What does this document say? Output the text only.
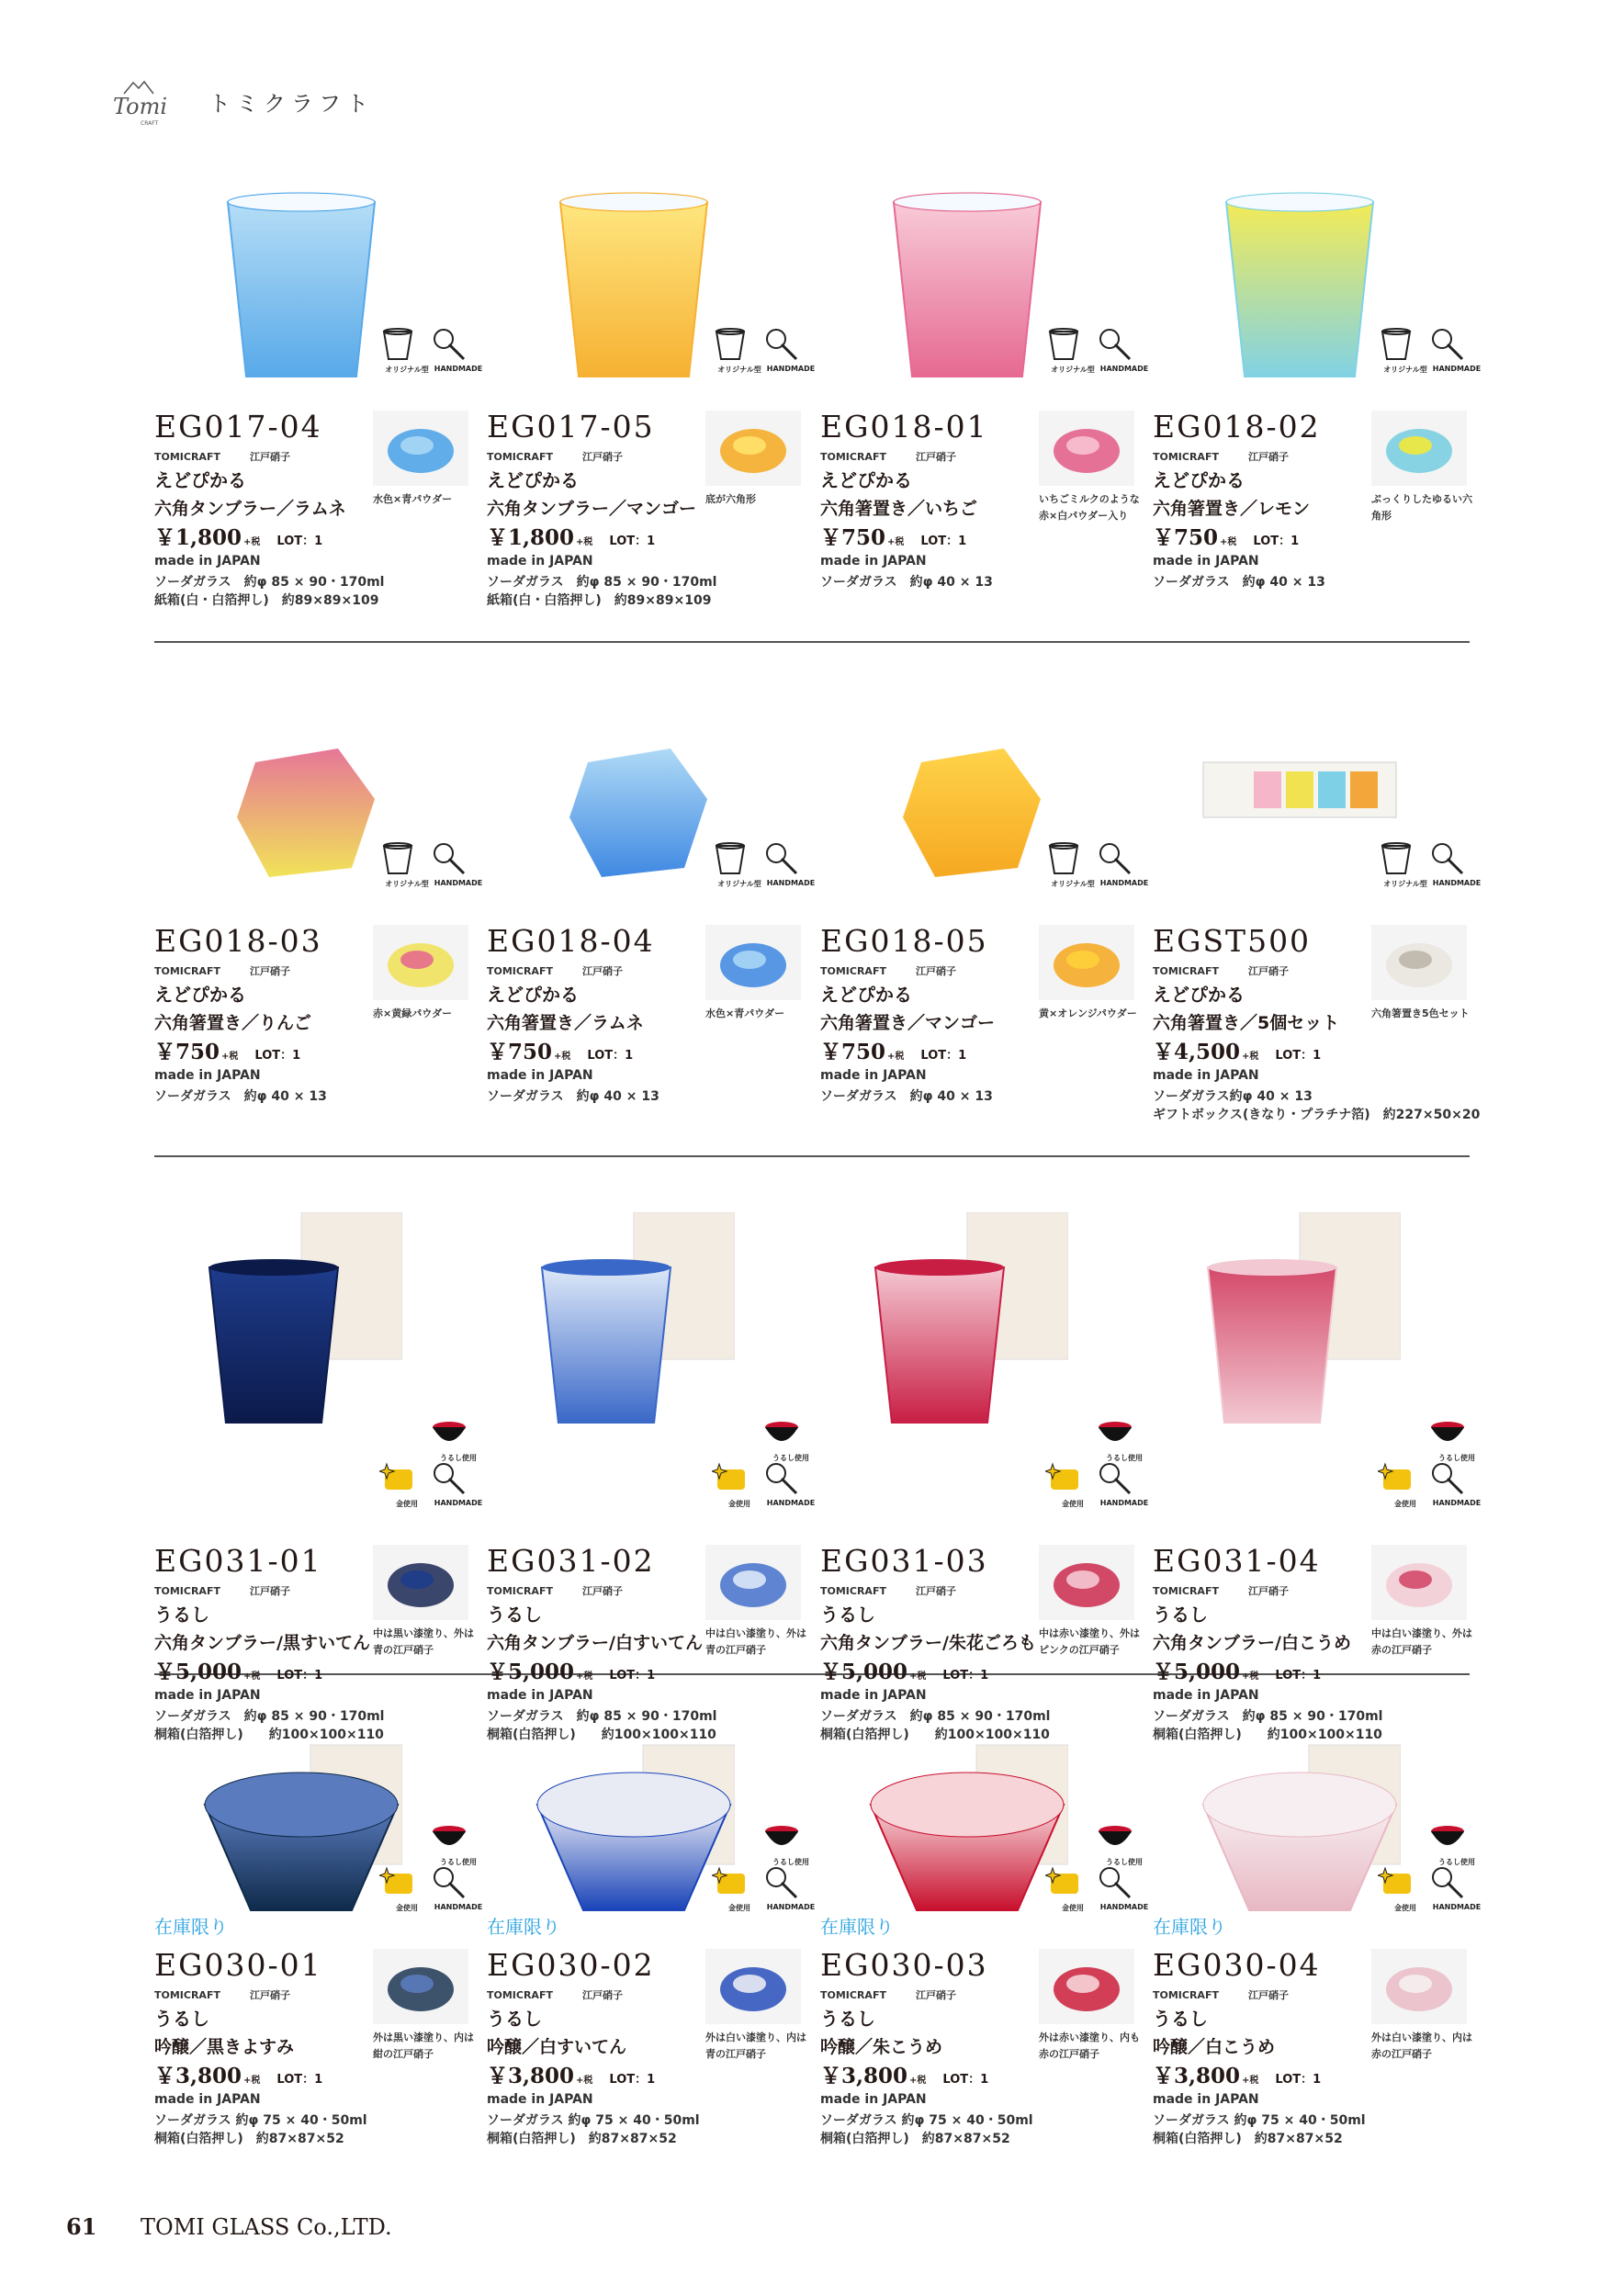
Tomi
CRAFT
トミクラフト
オリジナル型 HANDMADE
EG017-04
TOMICRAFT	江戸硝子
えどぴかる
六角タンブラー／ラムネ
￥1,800 +税 LOT：1
made in JAPAN
ソーダガラス　約φ 85 × 90・170ml
紙箱(白・白箔押し)　約89×89×109
水色×青パウダー
オリジナル型 HANDMADE
EG017-05
TOMICRAFT	江戸硝子
えどぴかる
六角タンブラー／マンゴー
￥1,800 +税 LOT：1
made in JAPAN
ソーダガラス　約φ 85 × 90・170ml
紙箱(白・白箔押し)　約89×89×109
底が六角形
オリジナル型 HANDMADE
EG018-01
TOMICRAFT	江戸硝子
えどぴかる
六角箸置き／いちご
￥750 +税 LOT：1
made in JAPAN
ソーダガラス　約φ 40 × 13
いちごミルクのような赤×白パウダー入り
オリジナル型 HANDMADE
EG018-02
TOMICRAFT	江戸硝子
えどぴかる
六角箸置き／レモン
￥750 +税 LOT：1
made in JAPAN
ソーダガラス　約φ 40 × 13
ぷっくりしたゆるい六角形
オリジナル型 HANDMADE
EG018-03
TOMICRAFT	江戸硝子
えどぴかる
六角箸置き／りんご
￥750 +税 LOT：1
made in JAPAN
ソーダガラス　約φ 40 × 13
赤×黄緑パウダー
オリジナル型 HANDMADE
EG018-04
TOMICRAFT	江戸硝子
えどぴかる
六角箸置き／ラムネ
￥750 +税 LOT：1
made in JAPAN
ソーダガラス　約φ 40 × 13
水色×青パウダー
オリジナル型 HANDMADE
EG018-05
TOMICRAFT	江戸硝子
えどぴかる
六角箸置き／マンゴー
￥750 +税 LOT：1
made in JAPAN
ソーダガラス　約φ 40 × 13
黄×オレンジパウダー
オリジナル型 HANDMADE
EGST500
TOMICRAFT	江戸硝子
えどぴかる
六角箸置き／5個セット
￥4,500 +税 LOT：1
made in JAPAN
ソーダガラス約φ 40 × 13
ギフトボックス(きなり・プラチナ箔)　約227×50×20
六角箸置き5色セット
うるし使用
金使用	HANDMADE
EG031-01
TOMICRAFT	江戸硝子
うるし
六角タンブラー/黒すいてん
￥5,000 +税 LOT：1
made in JAPAN
ソーダガラス　約φ 85 × 90・170ml
桐箱(白箔押し)　　約100×100×110
中は黒い漆塗り、外は青の江戸硝子
うるし使用
金使用	HANDMADE
EG031-02
TOMICRAFT	江戸硝子
うるし
六角タンブラー/白すいてん
￥5,000 +税 LOT：1
made in JAPAN
ソーダガラス　約φ 85 × 90・170ml
桐箱(白箔押し)　　約100×100×110
中は白い漆塗り、外は青の江戸硝子
うるし使用
金使用	HANDMADE
EG031-03
TOMICRAFT	江戸硝子
うるし
六角タンブラー/朱花ごろも
￥5,000 +税 LOT：1
made in JAPAN
ソーダガラス　約φ 85 × 90・170ml
桐箱(白箔押し)　　約100×100×110
中は赤い漆塗り、外はピンクの江戸硝子
うるし使用
金使用	HANDMADE
EG031-04
TOMICRAFT	江戸硝子
うるし
六角タンブラー/白こうめ
￥5,000 +税 LOT：1
made in JAPAN
ソーダガラス　約φ 85 × 90・170ml
桐箱(白箔押し)　　約100×100×110
中は白い漆塗り、外は赤の江戸硝子
うるし使用
金使用	HANDMADE
在庫限り
EG030-01
TOMICRAFT	江戸硝子
うるし
吟醸／黒きよすみ
￥3,800 +税 LOT：1
made in JAPAN
ソーダガラス 約φ 75 × 40・50ml
桐箱(白箔押し)　約87×87×52
外は黒い漆塗り、内は紺の江戸硝子
うるし使用
金使用	HANDMADE
在庫限り
EG030-02
TOMICRAFT	江戸硝子
うるし
吟醸／白すいてん
￥3,800 +税 LOT：1
made in JAPAN
ソーダガラス 約φ 75 × 40・50ml
桐箱(白箔押し)　約87×87×52
外は白い漆塗り、内は青の江戸硝子
うるし使用
金使用	HANDMADE
在庫限り
EG030-03
TOMICRAFT	江戸硝子
うるし
吟醸／朱こうめ
￥3,800 +税 LOT：1
made in JAPAN
ソーダガラス 約φ 75 × 40・50ml
桐箱(白箔押し)　約87×87×52
外は赤い漆塗り、内も赤の江戸硝子
うるし使用
金使用	HANDMADE
在庫限り
EG030-04
TOMICRAFT	江戸硝子
うるし
吟醸／白こうめ
￥3,800 +税 LOT：1
made in JAPAN
ソーダガラス 約φ 75 × 40・50ml
桐箱(白箔押し)　約87×87×52
外は白い漆塗り、内は赤の江戸硝子
61 TOMI GLASS Co.,LTD.
